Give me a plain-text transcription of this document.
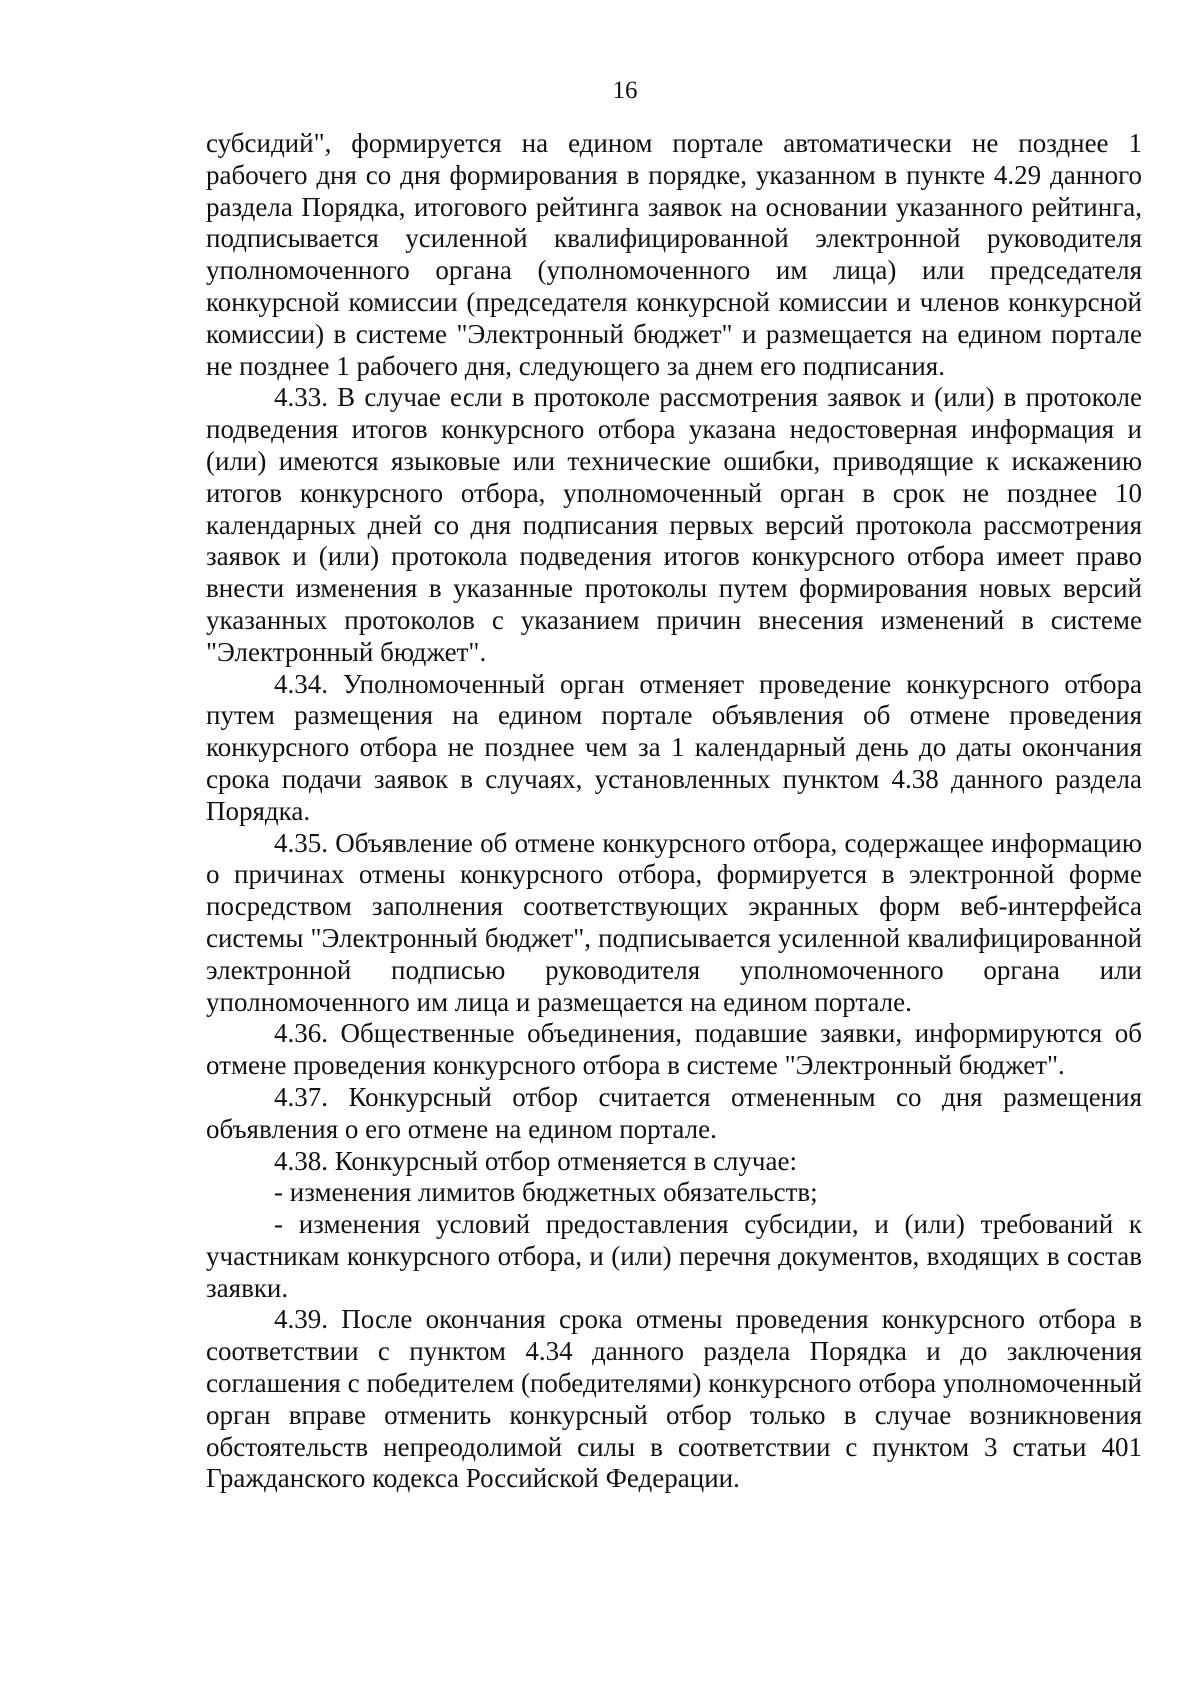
16

субсидий", формируется на едином портале автоматически не позднее 1 рабочего дня со дня формирования в порядке, указанном в пункте 4.29 данного раздела Порядка, итогового рейтинга заявок на основании указанного рейтинга, подписывается усиленной квалифицированной электронной руководителя уполномоченного органа (уполномоченного им лица) или председателя конкурсной комиссии (председателя конкурсной комиссии и членов конкурсной комиссии) в системе "Электронный бюджет" и размещается на едином портале не позднее 1 рабочего дня, следующего за днем его подписания.

4.33. В случае если в протоколе рассмотрения заявок и (или) в протоколе подведения итогов конкурсного отбора указана недостоверная информация и (или) имеются языковые или технические ошибки, приводящие к искажению итогов конкурсного отбора, уполномоченный орган в срок не позднее 10 календарных дней со дня подписания первых версий протокола рассмотрения заявок и (или) протокола подведения итогов конкурсного отбора имеет право внести изменения в указанные протоколы путем формирования новых версий указанных протоколов с указанием причин внесения изменений в системе "Электронный бюджет".

4.34. Уполномоченный орган отменяет проведение конкурсного отбора путем размещения на едином портале объявления об отмене проведения конкурсного отбора не позднее чем за 1 календарный день до даты окончания срока подачи заявок в случаях, установленных пунктом 4.38 данного раздела Порядка.

4.35. Объявление об отмене конкурсного отбора, содержащее информацию о причинах отмены конкурсного отбора, формируется в электронной форме посредством заполнения соответствующих экранных форм веб-интерфейса системы "Электронный бюджет", подписывается усиленной квалифицированной электронной подписью руководителя уполномоченного органа или уполномоченного им лица и размещается на едином портале.

4.36. Общественные объединения, подавшие заявки, информируются об отмене проведения конкурсного отбора в системе "Электронный бюджет".

4.37. Конкурсный отбор считается отмененным со дня размещения объявления о его отмене на едином портале.

4.38. Конкурсный отбор отменяется в случае:

- изменения лимитов бюджетных обязательств;

- изменения условий предоставления субсидии, и (или) требований к участникам конкурсного отбора, и (или) перечня документов, входящих в состав заявки.

4.39. После окончания срока отмены проведения конкурсного отбора в соответствии с пунктом 4.34 данного раздела Порядка и до заключения соглашения с победителем (победителями) конкурсного отбора уполномоченный орган вправе отменить конкурсный отбор только в случае возникновения обстоятельств непреодолимой силы в соответствии с пунктом 3 статьи 401 Гражданского кодекса Российской Федерации.
